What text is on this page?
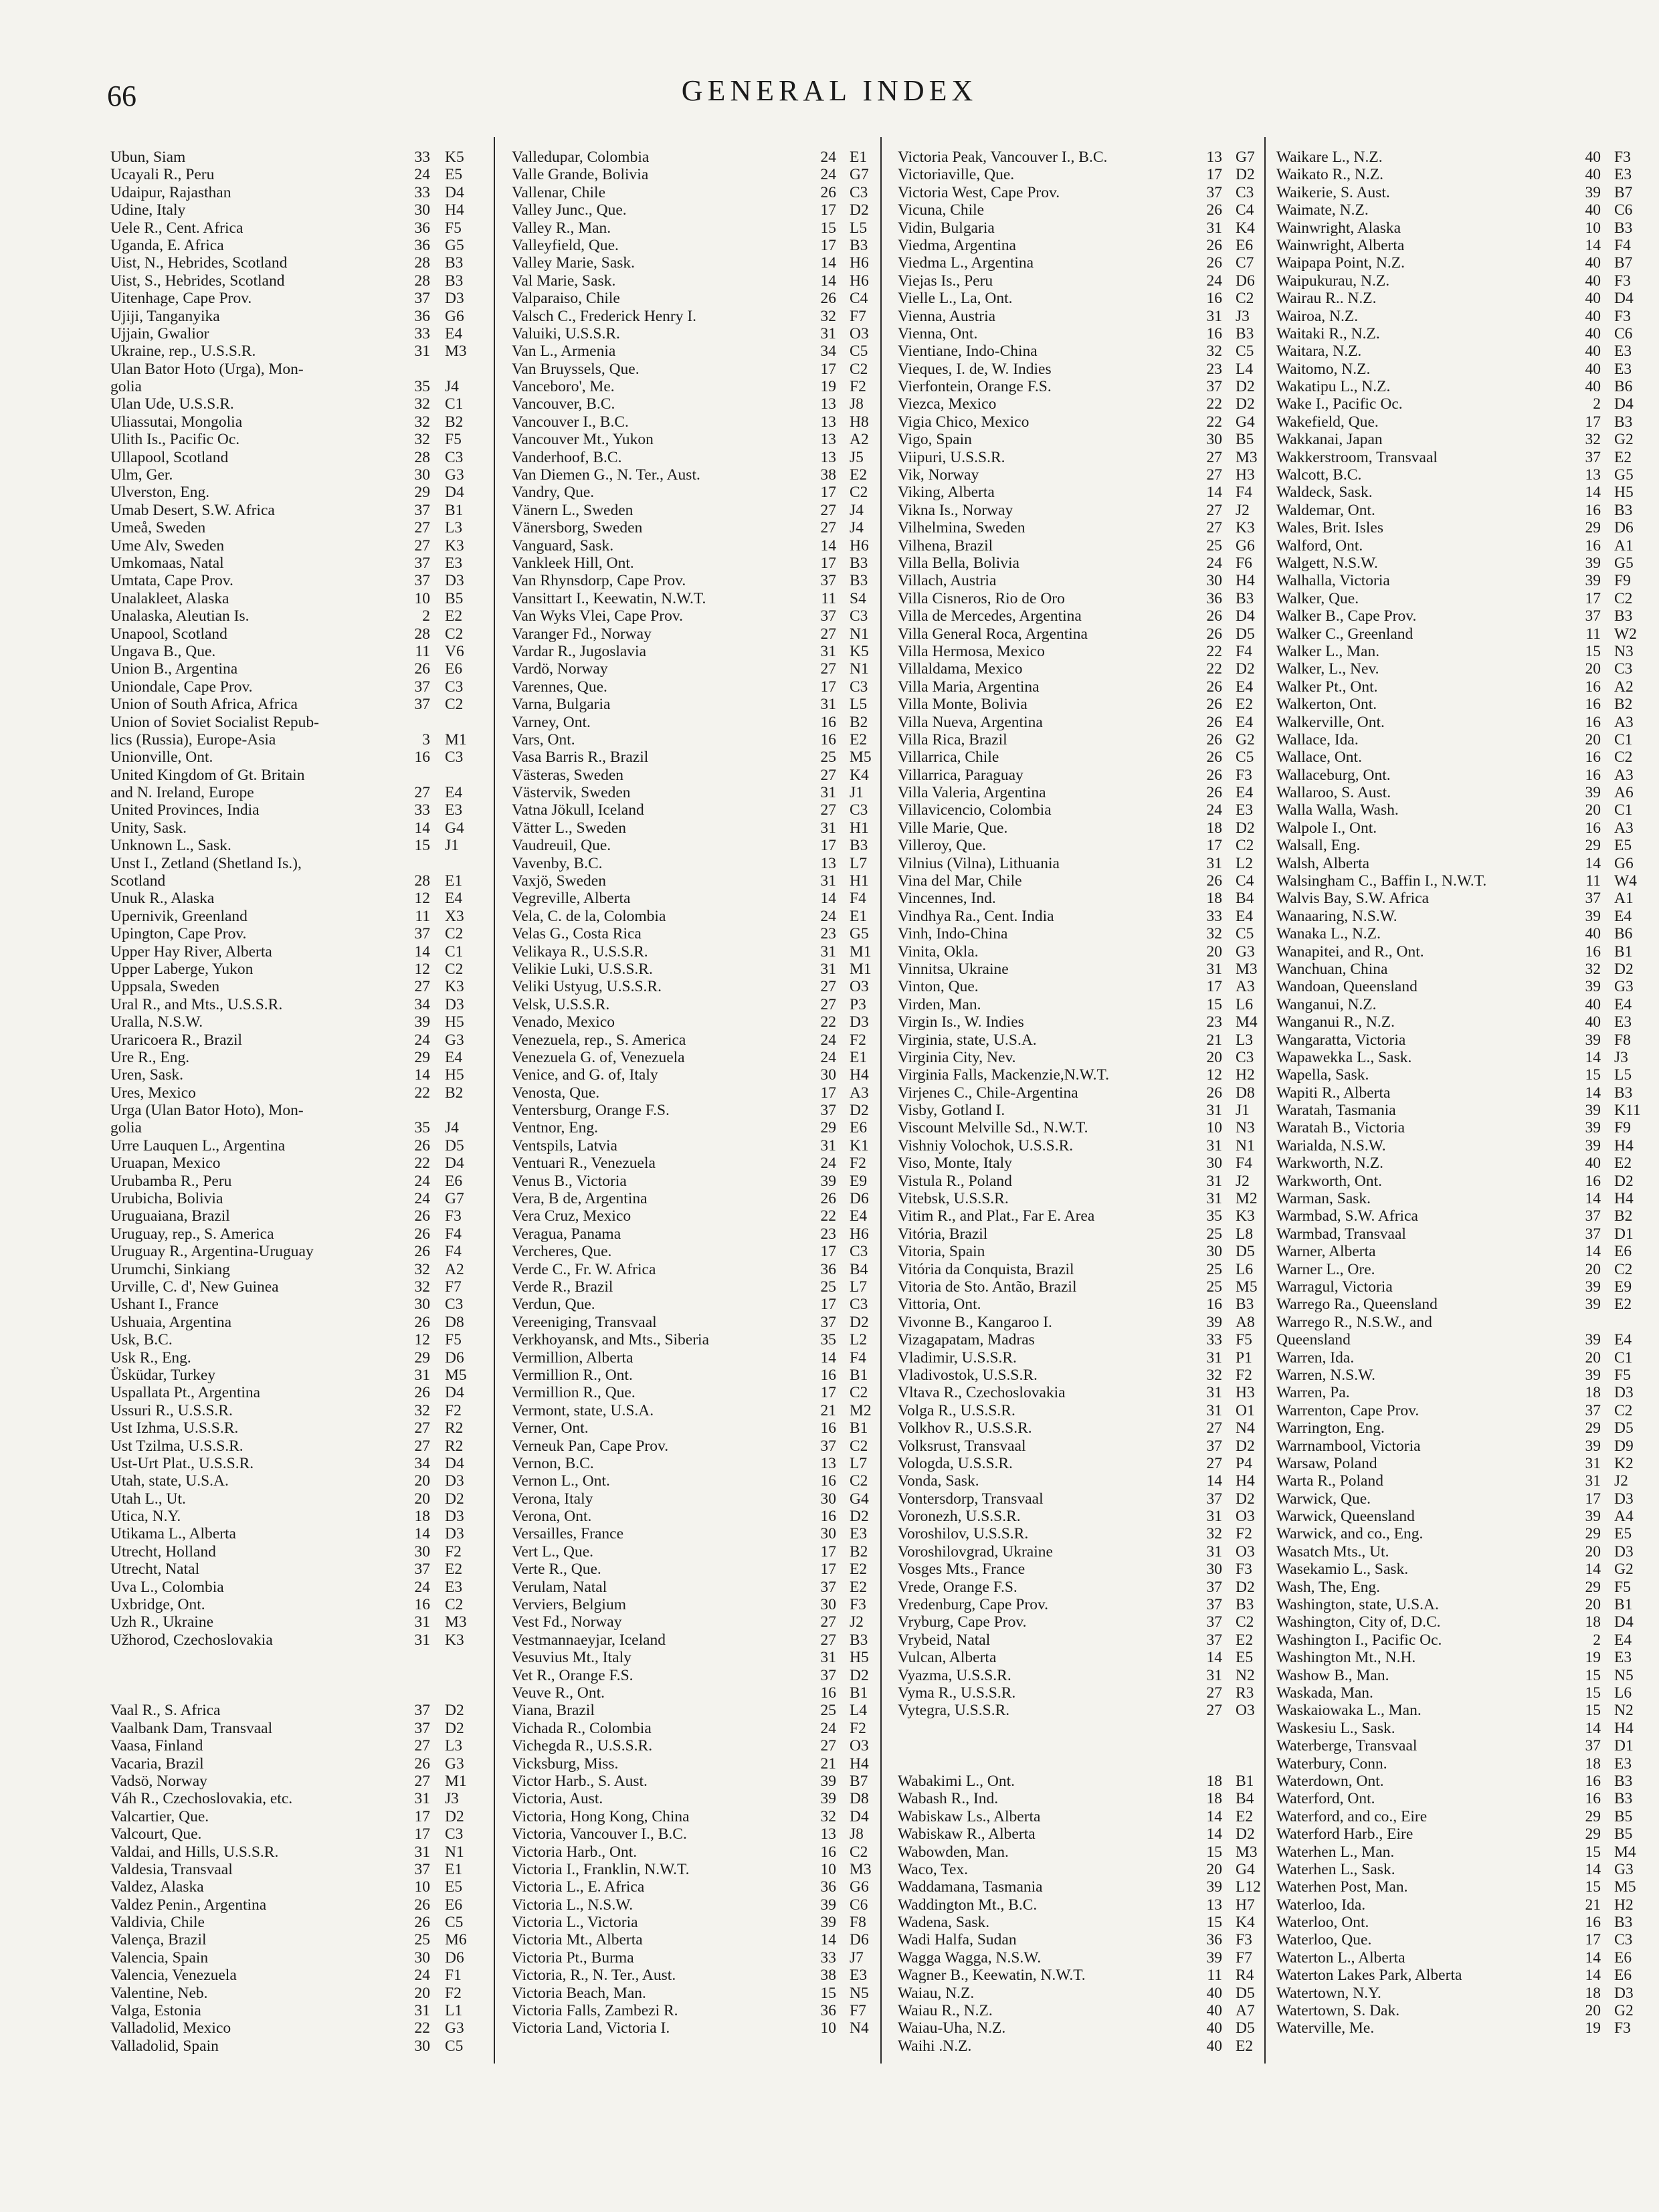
66	GENERAL INDEX
Ubun, Siam	33 K5
Ucayali R., Peru	24 E5
Udaipur, Rajasthan	33 D4
Udine, Italy	30 H4
Uele R., Cent. Africa	36 F5
Uganda, E. Africa	36 G5
Uist, N., Hebrides, Scotland	28 B3
Uist, S., Hebrides, Scotland	28 B3
Uitenhage, Cape Prov.	37 D3
Ujiji, Tanganyika	36 G6
Ujjain, Gwalior	33 E4
Ukraine, rep., U.S.S.R.	31 M3
Ulan Bator Hoto (Urga), Mon-
golia	35 J4
Ulan Ude, U.S.S.R.	32 C1
Uliassutai, Mongolia	32 B2
Ulith Is., Pacific Oc.	32 F5
Ullapool, Scotland	28 C3
Ulm, Ger.	30 G3
Ulverston, Eng.	29 D4
Umab Desert, S.W. Africa	37 B1
Umeå, Sweden	27 L3
Ume Alv, Sweden	27 K3
Umkomaas, Natal	37 E3
Umtata, Cape Prov.	37 D3
Unalakleet, Alaska	10 B5
Unalaska, Aleutian Is.	2 E2
Unapool, Scotland	28 C2
Ungava B., Que.	11 V6
Union B., Argentina	26 E6
Uniondale, Cape Prov.	37 C3
Union of South Africa, Africa	37 C2
Union of Soviet Socialist Repub-
lics (Russia), Europe-Asia	3 M1
Unionville, Ont.	16 C3
United Kingdom of Gt. Britain
and N. Ireland, Europe	27 E4
United Provinces, India	33 E3
Unity, Sask.	14 G4
Unknown L., Sask.	15 J1
Unst I., Zetland (Shetland Is.),
Scotland	28 E1
Unuk R., Alaska	12 E4
Upernivik, Greenland	11 X3
Upington, Cape Prov.	37 C2
Upper Hay River, Alberta	14 C1
Upper Laberge, Yukon	12 C2
Uppsala, Sweden	27 K3
Ural R., and Mts., U.S.S.R.	34 D3
Uralla, N.S.W.	39 H5
Uraricoera R., Brazil	24 G3
Ure R., Eng.	29 E4
Uren, Sask.	14 H5
Ures, Mexico	22 B2
Urga (Ulan Bator Hoto), Mon-
golia	35 J4
Urre Lauquen L., Argentina	26 D5
Uruapan, Mexico	22 D4
Urubamba R., Peru	24 E6
Urubicha, Bolivia	24 G7
Uruguaiana, Brazil	26 F3
Uruguay, rep., S. America	26 F4
Uruguay R., Argentina-Uruguay	26 F4
Urumchi, Sinkiang	32 A2
Urville, C. d', New Guinea	32 F7
Ushant I., France	30 C3
Ushuaia, Argentina	26 D8
Usk, B.C.	12 F5
Usk R., Eng.	29 D6
Üsküdar, Turkey	31 M5
Uspallata Pt., Argentina	26 D4
Ussuri R., U.S.S.R.	32 F2
Ust Izhma, U.S.S.R.	27 R2
Ust Tzilma, U.S.S.R.	27 R2
Ust-Urt Plat., U.S.S.R.	34 D4
Utah, state, U.S.A.	20 D3
Utah L., Ut.	20 D2
Utica, N.Y.	18 D3
Utikama L., Alberta	14 D3
Utrecht, Holland	30 F2
Utrecht, Natal	37 E2
Uva L., Colombia	24 E3
Uxbridge, Ont.	16 C2
Uzh R., Ukraine	31 M3
Užhorod, Czechoslovakia	31 K3
Vaal R., S. Africa	37 D2
Vaalbank Dam, Transvaal	37 D2
Vaasa, Finland	27 L3
Vacaria, Brazil	26 G3
Vadsö, Norway	27 M1
Váh R., Czechoslovakia, etc.	31 J3
Valcartier, Que.	17 D2
Valcourt, Que.	17 C3
Valdai, and Hills, U.S.S.R.	31 N1
Valdesia, Transvaal	37 E1
Valdez, Alaska	10 E5
Valdez Penin., Argentina	26 E6
Valdivia, Chile	26 C5
Valença, Brazil	25 M6
Valencia, Spain	30 D6
Valencia, Venezuela	24 F1
Valentine, Neb.	20 F2
Valga, Estonia	31 L1
Valladolid, Mexico	22 G3
Valladolid, Spain	30 C5
Valledupar, Colombia	24 E1
Valle Grande, Bolivia	24 G7
Vallenar, Chile	26 C3
Valley Junc., Que.	17 D2
Valley R., Man.	15 L5
Valleyfield, Que.	17 B3
Valley Marie, Sask.	14 H6
Val Marie, Sask.	14 H6
Valparaiso, Chile	26 C4
Valsch C., Frederick Henry I.	32 F7
Valuiki, U.S.S.R.	31 O3
Van L., Armenia	34 C5
Van Bruyssels, Que.	17 C2
Vanceboro', Me.	19 F2
Vancouver, B.C.	13 J8
Vancouver I., B.C.	13 H8
Vancouver Mt., Yukon	13 A2
Vanderhoof, B.C.	13 J5
Van Diemen G., N. Ter., Aust.	38 E2
Vandry, Que.	17 C2
Vänern L., Sweden	27 J4
Vänersborg, Sweden	27 J4
Vanguard, Sask.	14 H6
Vankleek Hill, Ont.	17 B3
Van Rhynsdorp, Cape Prov.	37 B3
Vansittart I., Keewatin, N.W.T.	11 S4
Van Wyks Vlei, Cape Prov.	37 C3
Varanger Fd., Norway	27 N1
Vardar R., Jugoslavia	31 K5
Vardö, Norway	27 N1
Varennes, Que.	17 C3
Varna, Bulgaria	31 L5
Varney, Ont.	16 B2
Vars, Ont.	16 E2
Vasa Barris R., Brazil	25 M5
Västeras, Sweden	27 K4
Västervik, Sweden	31 J1
Vatna Jökull, Iceland	27 C3
Vätter L., Sweden	31 H1
Vaudreuil, Que.	17 B3
Vavenby, B.C.	13 L7
Vaxjö, Sweden	31 H1
Vegreville, Alberta	14 F4
Vela, C. de la, Colombia	24 E1
Velas G., Costa Rica	23 G5
Velikaya R., U.S.S.R.	31 M1
Velikie Luki, U.S.S.R.	31 M1
Veliki Ustyug, U.S.S.R.	27 O3
Velsk, U.S.S.R.	27 P3
Venado, Mexico	22 D3
Venezuela, rep., S. America	24 F2
Venezuela G. of, Venezuela	24 E1
Venice, and G. of, Italy	30 H4
Venosta, Que.	17 A3
Ventersburg, Orange F.S.	37 D2
Ventnor, Eng.	29 E6
Ventspils, Latvia	31 K1
Ventuari R., Venezuela	24 F2
Venus B., Victoria	39 E9
Vera, B de, Argentina	26 D6
Vera Cruz, Mexico	22 E4
Veragua, Panama	23 H6
Vercheres, Que.	17 C3
Verde C., Fr. W. Africa	36 B4
Verde R., Brazil	25 L7
Verdun, Que.	17 C3
Vereeniging, Transvaal	37 D2
Verkhoyansk, and Mts., Siberia	35 L2
Vermillion, Alberta	14 F4
Vermillion R., Ont.	16 B1
Vermillion R., Que.	17 C2
Vermont, state, U.S.A.	21 M2
Verner, Ont.	16 B1
Verneuk Pan, Cape Prov.	37 C2
Vernon, B.C.	13 L7
Vernon L., Ont.	16 C2
Verona, Italy	30 G4
Verona, Ont.	16 D2
Versailles, France	30 E3
Vert L., Que.	17 B2
Verte R., Que.	17 E2
Verulam, Natal	37 E2
Verviers, Belgium	30 F3
Vest Fd., Norway	27 J2
Vestmannaeyjar, Iceland	27 B3
Vesuvius Mt., Italy	31 H5
Vet R., Orange F.S.	37 D2
Veuve R., Ont.	16 B1
Viana, Brazil	25 L4
Vichada R., Colombia	24 F2
Vichegda R., U.S.S.R.	27 O3
Vicksburg, Miss.	21 H4
Victor Harb., S. Aust.	39 B7
Victoria, Aust.	39 D8
Victoria, Hong Kong, China	32 D4
Victoria, Vancouver I., B.C.	13 J8
Victoria Harb., Ont.	16 C2
Victoria I., Franklin, N.W.T.	10 M3
Victoria L., E. Africa	36 G6
Victoria L., N.S.W.	39 C6
Victoria L., Victoria	39 F8
Victoria Mt., Alberta	14 D6
Victoria Pt., Burma	33 J7
Victoria, R., N. Ter., Aust.	38 E3
Victoria Beach, Man.	15 N5
Victoria Falls, Zambezi R.	36 F7
Victoria Land, Victoria I.	10 N4
Victoria Peak, Vancouver I., B.C.	13 G7
Victoriaville, Que.	17 D2
Victoria West, Cape Prov.	37 C3
Vicuna, Chile	26 C4
Vidin, Bulgaria	31 K4
Viedma, Argentina	26 E6
Viedma L., Argentina	26 C7
Viejas Is., Peru	24 D6
Vielle L., La, Ont.	16 C2
Vienna, Austria	31 J3
Vienna, Ont.	16 B3
Vientiane, Indo-China	32 C5
Vieques, I. de, W. Indies	23 L4
Vierfontein, Orange F.S.	37 D2
Viezca, Mexico	22 D2
Vigia Chico, Mexico	22 G4
Vigo, Spain	30 B5
Viipuri, U.S.S.R.	27 M3
Vik, Norway	27 H3
Viking, Alberta	14 F4
Vikna Is., Norway	27 J2
Vilhelmina, Sweden	27 K3
Vilhena, Brazil	25 G6
Villa Bella, Bolivia	24 F6
Villach, Austria	30 H4
Villa Cisneros, Rio de Oro	36 B3
Villa de Mercedes, Argentina	26 D4
Villa General Roca, Argentina	26 D5
Villa Hermosa, Mexico	22 F4
Villaldama, Mexico	22 D2
Villa Maria, Argentina	26 E4
Villa Monte, Bolivia	26 E2
Villa Nueva, Argentina	26 E4
Villa Rica, Brazil	26 G2
Villarrica, Chile	26 C5
Villarrica, Paraguay	26 F3
Villa Valeria, Argentina	26 E4
Villavicencio, Colombia	24 E3
Ville Marie, Que.	18 D2
Villeroy, Que.	17 C2
Vilnius (Vilna), Lithuania	31 L2
Vina del Mar, Chile	26 C4
Vincennes, Ind.	18 B4
Vindhya Ra., Cent. India	33 E4
Vinh, Indo-China	32 C5
Vinita, Okla.	20 G3
Vinnitsa, Ukraine	31 M3
Vinton, Que.	17 A3
Virden, Man.	15 L6
Virgin Is., W. Indies	23 M4
Virginia, state, U.S.A.	21 L3
Virginia City, Nev.	20 C3
Virginia Falls, Mackenzie,N.W.T.	12 H2
Virjenes C., Chile-Argentina	26 D8
Visby, Gotland I.	31 J1
Viscount Melville Sd., N.W.T.	10 N3
Vishniy Volochok, U.S.S.R.	31 N1
Viso, Monte, Italy	30 F4
Vistula R., Poland	31 J2
Vitebsk, U.S.S.R.	31 M2
Vitim R., and Plat., Far E. Area	35 K3
Vitória, Brazil	25 L8
Vitoria, Spain	30 D5
Vitória da Conquista, Brazil	25 L6
Vitoria de Sto. Antão, Brazil	25 M5
Vittoria, Ont.	16 B3
Vivonne B., Kangaroo I.	39 A8
Vizagapatam, Madras	33 F5
Vladimir, U.S.S.R.	31 P1
Vladivostok, U.S.S.R.	32 F2
Vltava R., Czechoslovakia	31 H3
Volga R., U.S.S.R.	31 O1
Volkhov R., U.S.S.R.	27 N4
Volksrust, Transvaal	37 D2
Vologda, U.S.S.R.	27 P4
Vonda, Sask.	14 H4
Vontersdorp, Transvaal	37 D2
Voronezh, U.S.S.R.	31 O3
Voroshilov, U.S.S.R.	32 F2
Voroshilovgrad, Ukraine	31 O3
Vosges Mts., France	30 F3
Vrede, Orange F.S.	37 D2
Vredenburg, Cape Prov.	37 B3
Vryburg, Cape Prov.	37 C2
Vrybeid, Natal	37 E2
Vulcan, Alberta	14 E5
Vyazma, U.S.S.R.	31 N2
Vyma R., U.S.S.R.	27 R3
Vytegra, U.S.S.R.	27 O3
Wabakimi L., Ont.	18 B1
Wabash R., Ind.	18 B4
Wabiskaw Ls., Alberta	14 E2
Wabiskaw R., Alberta	14 D2
Wabowden, Man.	15 M3
Waco, Tex.	20 G4
Waddamana, Tasmania	39 L12
Waddington Mt., B.C.	13 H7
Wadena, Sask.	15 K4
Wadi Halfa, Sudan	36 F3
Wagga Wagga, N.S.W.	39 F7
Wagner B., Keewatin, N.W.T.	11 R4
Waiau, N.Z.	40 D5
Waiau R., N.Z.	40 A7
Waiau-Uha, N.Z.	40 D5
Waihi .N.Z.	40 E2
Waikare L., N.Z.	40 F3
Waikato R., N.Z.	40 E3
Waikerie, S. Aust.	39 B7
Waimate, N.Z.	40 C6
Wainwright, Alaska	10 B3
Wainwright, Alberta	14 F4
Waipapa Point, N.Z.	40 B7
Waipukurau, N.Z.	40 F3
Wairau R.. N.Z.	40 D4
Wairoa, N.Z.	40 F3
Waitaki R., N.Z.	40 C6
Waitara, N.Z.	40 E3
Waitomo, N.Z.	40 E3
Wakatipu L., N.Z.	40 B6
Wake I., Pacific Oc.	2 D4
Wakefield, Que.	17 B3
Wakkanai, Japan	32 G2
Wakkerstroom, Transvaal	37 E2
Walcott, B.C.	13 G5
Waldeck, Sask.	14 H5
Waldemar, Ont.	16 B3
Wales, Brit. Isles	29 D6
Walford, Ont.	16 A1
Walgett, N.S.W.	39 G5
Walhalla, Victoria	39 F9
Walker, Que.	17 C2
Walker B., Cape Prov.	37 B3
Walker C., Greenland	11 W2
Walker L., Man.	15 N3
Walker, L., Nev.	20 C3
Walker Pt., Ont.	16 A2
Walkerton, Ont.	16 B2
Walkerville, Ont.	16 A3
Wallace, Ida.	20 C1
Wallace, Ont.	16 C2
Wallaceburg, Ont.	16 A3
Wallaroo, S. Aust.	39 A6
Walla Walla, Wash.	20 C1
Walpole I., Ont.	16 A3
Walsall, Eng.	29 E5
Walsh, Alberta	14 G6
Walsingham C., Baffin I., N.W.T.	11 W4
Walvis Bay, S.W. Africa	37 A1
Wanaaring, N.S.W.	39 E4
Wanaka L., N.Z.	40 B6
Wanapitei, and R., Ont.	16 B1
Wanchuan, China	32 D2
Wandoan, Queensland	39 G3
Wanganui, N.Z.	40 E4
Wanganui R., N.Z.	40 E3
Wangaratta, Victoria	39 F8
Wapawekka L., Sask.	14 J3
Wapella, Sask.	15 L5
Wapiti R., Alberta	14 B3
Waratah, Tasmania	39 K11
Waratah B., Victoria	39 F9
Warialda, N.S.W.	39 H4
Warkworth, N.Z.	40 E2
Warkworth, Ont.	16 D2
Warman, Sask.	14 H4
Warmbad, S.W. Africa	37 B2
Warmbad, Transvaal	37 D1
Warner, Alberta	14 E6
Warner L., Ore.	20 C2
Warragul, Victoria	39 E9
Warrego Ra., Queensland	39 E2
Warrego R., N.S.W., and
Queensland	39 E4
Warren, Ida.	20 C1
Warren, N.S.W.	39 F5
Warren, Pa.	18 D3
Warrenton, Cape Prov.	37 C2
Warrington, Eng.	29 D5
Warrnambool, Victoria	39 D9
Warsaw, Poland	31 K2
Warta R., Poland	31 J2
Warwick, Que.	17 D3
Warwick, Queensland	39 A4
Warwick, and co., Eng.	29 E5
Wasatch Mts., Ut.	20 D3
Wasekamio L., Sask.	14 G2
Wash, The, Eng.	29 F5
Washington, state, U.S.A.	20 B1
Washington, City of, D.C.	18 D4
Washington I., Pacific Oc.	2 E4
Washington Mt., N.H.	19 E3
Washow B., Man.	15 N5
Waskada, Man.	15 L6
Waskaiowaka L., Man.	15 N2
Waskesiu L., Sask.	14 H4
Waterberge, Transvaal	37 D1
Waterbury, Conn.	18 E3
Waterdown, Ont.	16 B3
Waterford, Ont.	16 B3
Waterford, and co., Eire	29 B5
Waterford Harb., Eire	29 B5
Waterhen L., Man.	15 M4
Waterhen L., Sask.	14 G3
Waterhen Post, Man.	15 M5
Waterloo, Ida.	21 H2
Waterloo, Ont.	16 B3
Waterloo, Que.	17 C3
Waterton L., Alberta	14 E6
Waterton Lakes Park, Alberta	14 E6
Watertown, N.Y.	18 D3
Watertown, S. Dak.	20 G2
Waterville, Me.	19 F3
